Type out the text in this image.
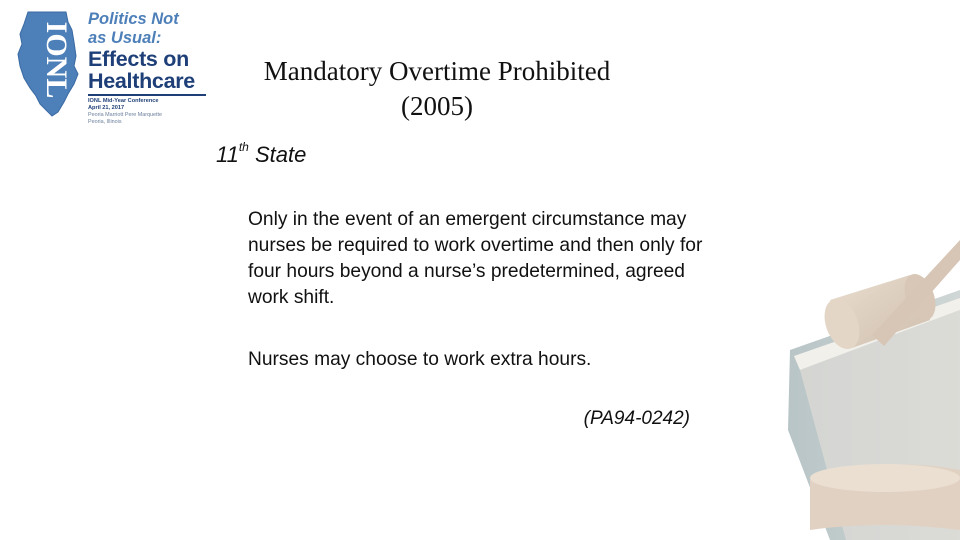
IONL
Politics Not
as Usual:
Effects on
Healthcare
IONL Mid-Year Conference
April 21, 2017
Peoria Marriott Pere Marquette
Peoria, Illinois
Mandatory Overtime Prohibited
(2005)
11th State
Only in the event of an emergent circumstance may nurses be required to work overtime and then only for four hours beyond a nurse’s predetermined, agreed work shift.
Nurses may choose to work extra hours.
(PA94-0242)
